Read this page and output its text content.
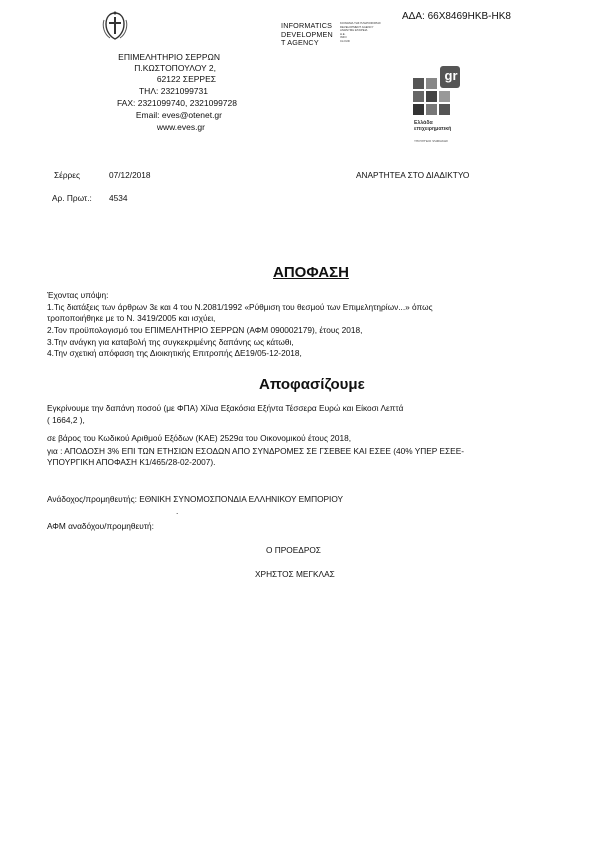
ΑΔΑ: 66Χ8469ΗΚΒ-ΗΚ8
ΕΠΙΜΕΛΗΤΗΡΙΟ ΣΕΡΡΩΝ
Π.ΚΩΣΤΟΠΟΥΛΟΥ 2,
62122 ΣΕΡΡΕΣ
ΤΗΛ: 2321099731
FAX: 2321099740, 2321099728
Email: eves@otenet.gr
www.eves.gr
INFORMATICS
DEVELOPMEN
T AGENCY
ΚΟΙΝΩΝΙΑ ΤΗΣ ΠΛΗΡΟΦΟΡΙΑΣ
DEVELOPMENT AGENCY
ΑΝΩΝΥΜΗ ΕΤΑΙΡΕΙΑ
Η.Ε.
INFO
CLOUD
gr
Ελλάδα
επιχειρηματική
ΥΠΟΥΡΓΕΙΟ ΨΗΦΙΑΚΗΣ
Σέρρες	07/12/2018	ΑΝΑΡΤΗΤΕΑ ΣΤΟ ΔΙΑΔΙΚΤΥΟ
Αρ. Πρωτ.: 4534
ΑΠΟΦΑΣΗ
Έχοντας υπόψη:
1.Τις διατάξεις των άρθρων 3ε και 4 του Ν.2081/1992 «Ρύθμιση του θεσμού των Επιμελητηρίων...» όπως
τροποποιήθηκε με το Ν. 3419/2005 και ισχύει,
2.Τον προϋπολογισμό του ΕΠΙΜΕΛΗΤΗΡΙΟ ΣΕΡΡΩΝ (ΑΦΜ 090002179), έτους 2018,
3.Την ανάγκη για καταβολή της συγκεκριμένης δαπάνης ως κάτωθι,
4.Την σχετική απόφαση της Διοικητικής Επιτροπής ΔΕ19/05-12-2018,
Αποφασίζουμε
Εγκρίνουμε την δαπάνη ποσού (με ΦΠΑ) Χίλια Εξακόσια Εξήντα Τέσσερα Ευρώ και Είκοσι Λεπτά
( 1664,2 ),
σε βάρος του Κωδικού Αριθμού Εξόδων (ΚΑΕ) 2529α του Οικονομικού έτους 2018,
για : ΑΠΟΔΟΣΗ 3% ΕΠΙ ΤΩΝ ΕΤΗΣΙΩΝ ΕΣΟΔΩΝ ΑΠΟ ΣΥΝΔΡΟΜΕΣ ΣΕ ΓΣΕΒΕΕ ΚΑΙ ΕΣΕΕ (40% ΥΠΕΡ ΕΣΕΕ-
ΥΠΟΥΡΓΙΚΗ ΑΠΟΦΑΣΗ Κ1/465/28-02-2007).
Ανάδοχος/προμηθευτής: ΕΘΝΙΚΗ ΣΥΝΟΜΟΣΠΟΝΔΙΑ ΕΛΛΗΝΙΚΟΥ ΕΜΠΟΡΙΟΥ
.
ΑΦΜ αναδόχου/προμηθευτή:
Ο ΠΡΟΕΔΡΟΣ
ΧΡΗΣΤΟΣ ΜΕΓΚΛΑΣ
